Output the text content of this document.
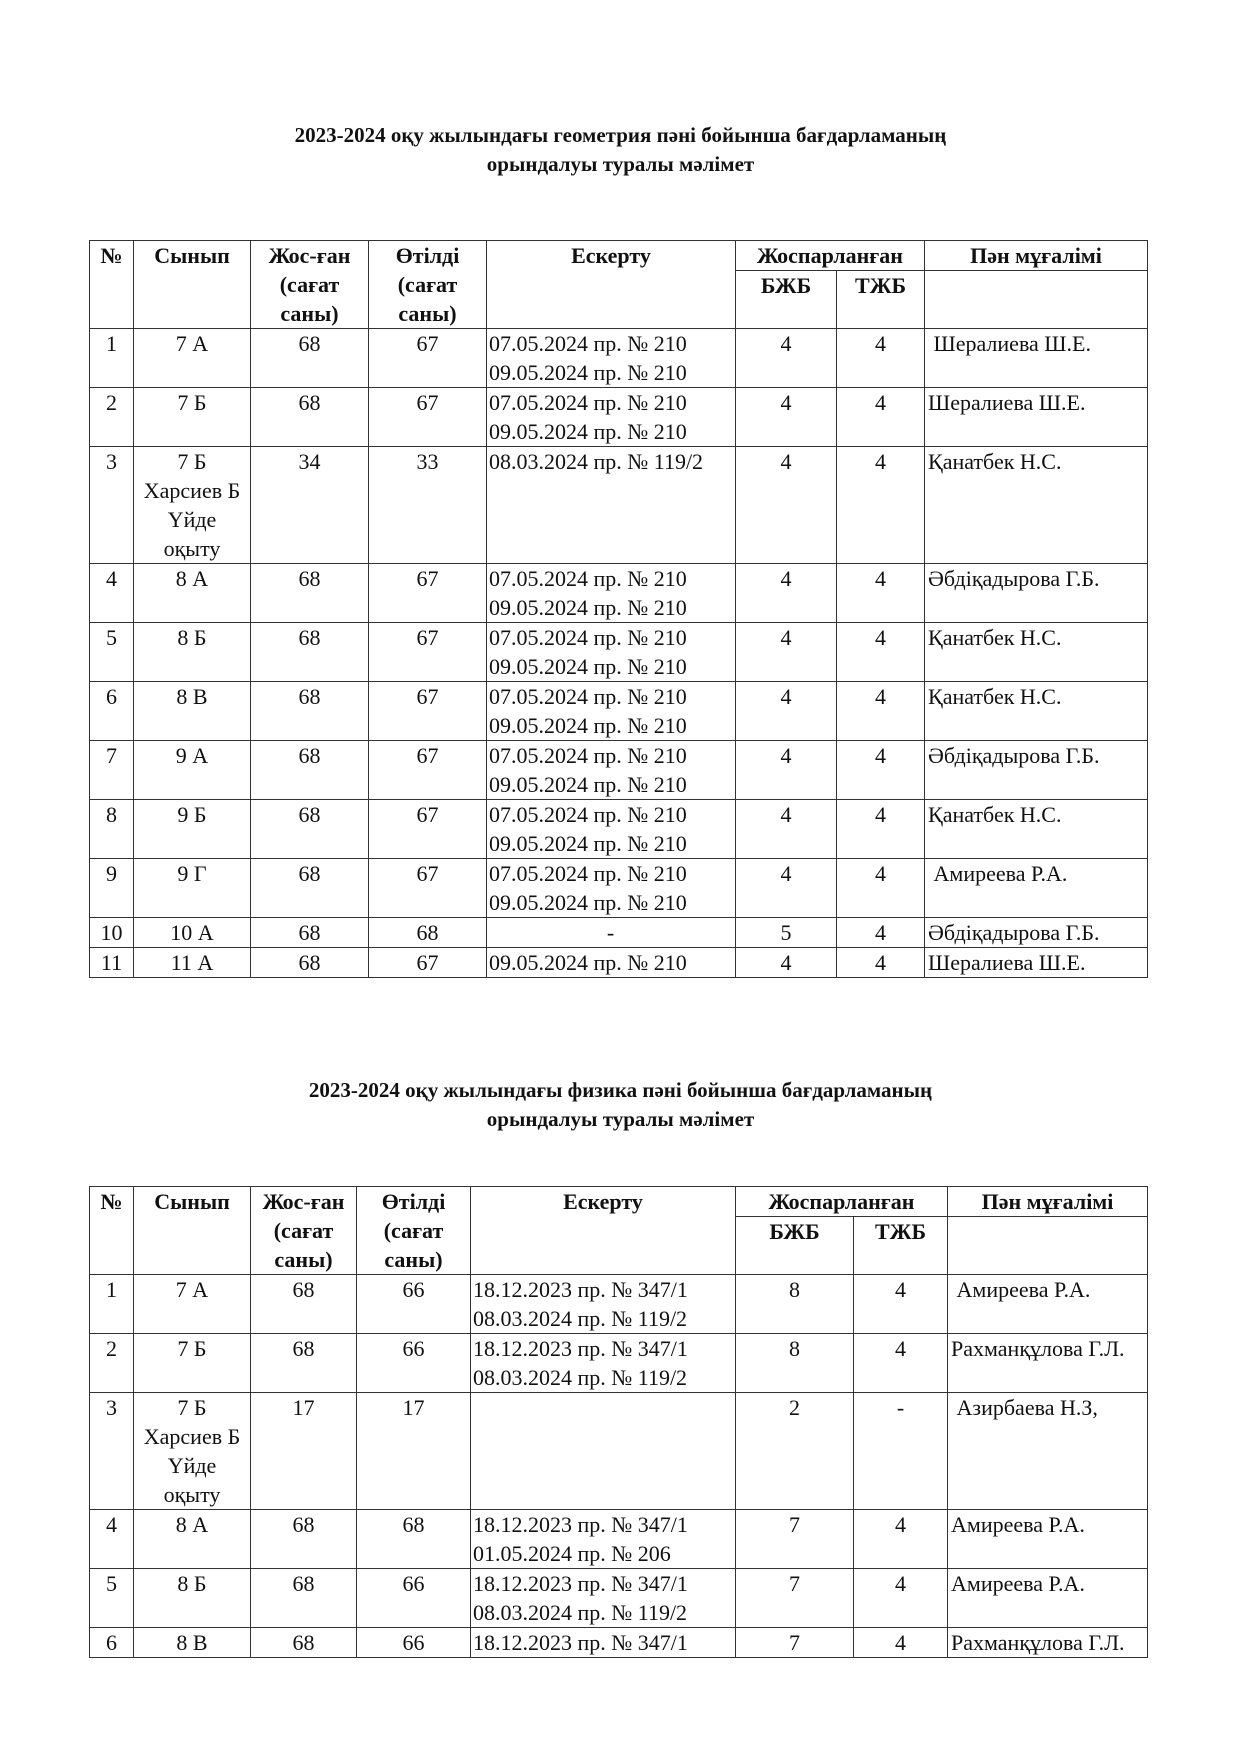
2023-2024 оқу жылындағы геометрия пәні бойынша бағдарламаның
орындалуы туралы мәлімет
№	Сынып	Жос-ған
(сағат
саны)	Өтілді
(сағат
саны)	Ескерту	Жоспарланған		Пән мұғалімі
					БЖБ	ТЖБ	
1	7 А	68	67	07.05.2024 пр. № 210
09.05.2024 пр. № 210	4	4	Шералиева Ш.Е.
2	7 Б	68	67	07.05.2024 пр. № 210
09.05.2024 пр. № 210	4	4	Шералиева Ш.Е.
3	7 Б
Харсиев Б
Үйде
оқыту	34	33	08.03.2024 пр. № 119/2	4	4	Қанатбек Н.С.
4	8 А	68	67	07.05.2024 пр. № 210
09.05.2024 пр. № 210	4	4	Әбдіқадырова Г.Б.
5	8 Б	68	67	07.05.2024 пр. № 210
09.05.2024 пр. № 210	4	4	Қанатбек Н.С.
6	8 В	68	67	07.05.2024 пр. № 210
09.05.2024 пр. № 210	4	4	Қанатбек Н.С.
7	9 А	68	67	07.05.2024 пр. № 210
09.05.2024 пр. № 210	4	4	Әбдіқадырова Г.Б.
8	9 Б	68	67	07.05.2024 пр. № 210
09.05.2024 пр. № 210	4	4	Қанатбек Н.С.
9	9 Г	68	67	07.05.2024 пр. № 210
09.05.2024 пр. № 210	4	4	Амиреева Р.А.
10	10 А	68	68	-	5	4	Әбдіқадырова Г.Б.
11	11 А	68	67	09.05.2024 пр. № 210	4	4	Шералиева Ш.Е.
2023-2024 оқу жылындағы физика пәні бойынша бағдарламаның
орындалуы туралы мәлімет
№	Сынып	Жос-ған
(сағат
саны)	Өтілді
(сағат
саны)	Ескерту	Жоспарланған		Пән мұғалімі
					БЖБ	ТЖБ	
1	7 А	68	66	18.12.2023 пр. № 347/1
08.03.2024 пр. № 119/2	8	4	Амиреева Р.А.
2	7 Б	68	66	18.12.2023 пр. № 347/1
08.03.2024 пр. № 119/2	8	4	Рахманқұлова Г.Л.
3	7 Б
Харсиев Б
Үйде
оқыту	17	17		2	-	Азирбаева Н.З,
4	8 А	68	68	18.12.2023 пр. № 347/1
01.05.2024 пр. № 206	7	4	Амиреева Р.А.
5	8 Б	68	66	18.12.2023 пр. № 347/1
08.03.2024 пр. № 119/2	7	4	Амиреева Р.А.
6	8 В	68	66	18.12.2023 пр. № 347/1	7	4	Рахманқұлова Г.Л.
